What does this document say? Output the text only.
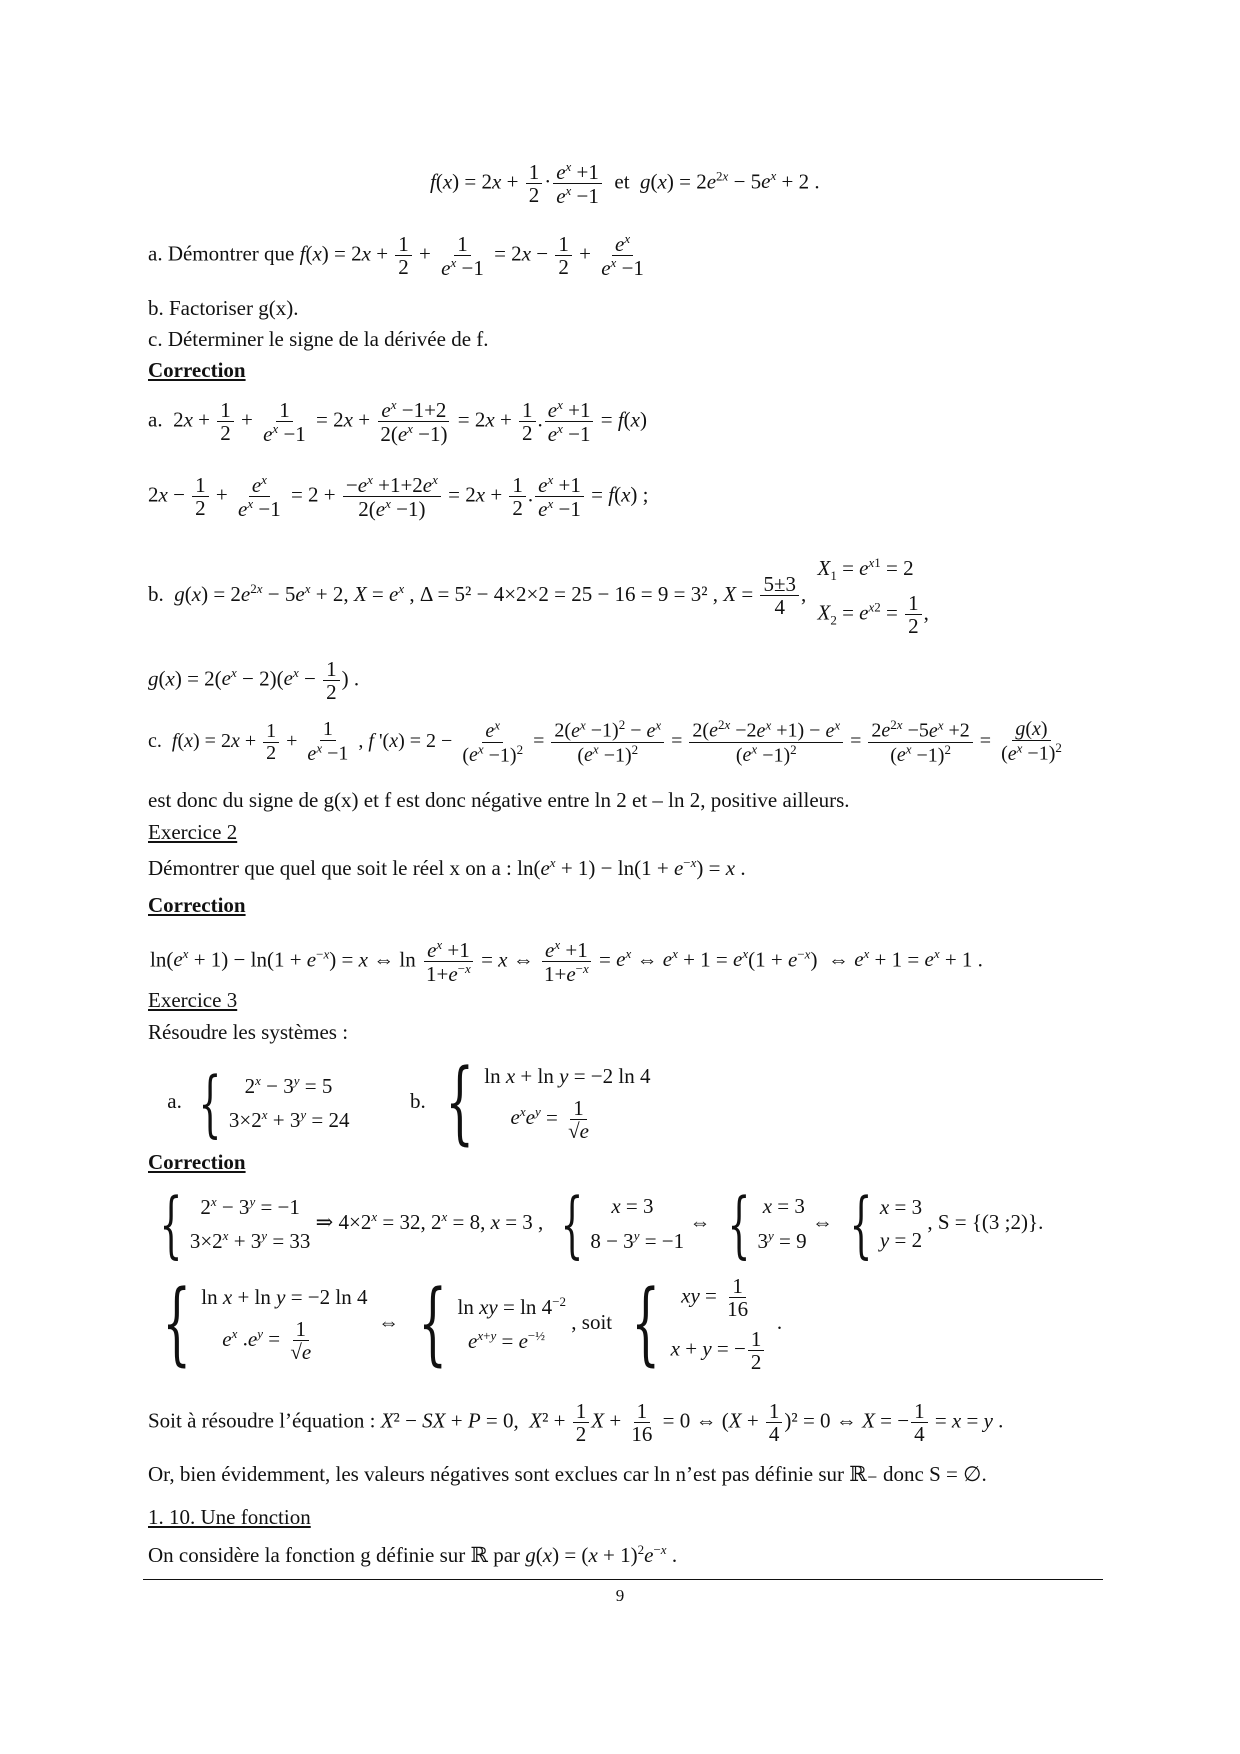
$f(x) = 2x + \frac{1}{2} \cdot \frac{e^x +1}{e^x -1}$ et $g(x) = 2e^{2x} - 5e^x + 2$ .
a. Démontrer que $f(x) = 2x + \frac{1}{2} + \frac{1}{e^x -1} = 2x - \frac{1}{2} + \frac{e^x}{e^x -1}$
b. Factoriser g(x).
c. Déterminer le signe de la dérivée de f.
Correction
a.  $2x + \frac{1}{2} + \frac{1}{e^x -1} = 2x + \frac{e^x -1+2}{2(e^x -1)} = 2x + \frac{1}{2}$ . $\frac{e^x +1}{e^x -1} = f(x)$
$2x - \frac{1}{2} + \frac{e^x}{e^x -1} = 2 + \frac{-e^x +1+2e^x}{2(e^x -1)} = 2x + \frac{1}{2}$ . $\frac{e^x +1}{e^x -1} = f(x)$ ;
b.  $g(x) = 2e^{2x} - 5e^x + 2$, $X = e^x$ , Δ = 5² − 4×2×2 = 25 − 16 = 9 = 3² , $X = \frac{5\pm 3}{4}$ ,
$X_1 = e^{x1} = 2$
$X_2 = e^{x2} = \frac{1}{2}$ ,
$g(x) = 2(e^x - 2)(e^x - \frac{1}{2}$ ) .
c.  $f(x) = 2x + \frac{1}{2} + \frac{1}{e^x -1}$ , f '$(x) = 2 - \frac{e^x}{(e^x -1)^2} = \frac{2(e^x -1)^2 - e^x}{(e^x -1)^2} = \frac{2(e^{2x} -2e^x +1) - e^x}{(e^x -1)^2} = \frac{2e^{2x} -5e^x +2}{(e^x -1)^2} = \frac{g(x)}{(e^x -1)^2}$
est donc du signe de g(x) et f est donc négative entre ln 2 et – ln 2, positive ailleurs.
Exercice 2
Démontrer que quel que soit le réel x on a : $\ln(e^x + 1) - \ln(1 + e^{-x}) = x$ .
Correction
$\ln(e^x + 1) - \ln(1 + e^{-x}) = x$ ⇔ $\ln \frac{e^x +1}{1+e^{-x}} = x$ ⇔ $\frac{e^x +1}{1+e^{-x}} = e^x$ ⇔ $e^x + 1 = e^x(1 + e^{-x})$  ⇔ $e^x + 1 = e^x + 1$ .
Exercice 3
Résoudre les systèmes :
a. { $2^x - 3^y = 5$
$3\times 2^x + 3^y = 24$
b. { ln x + ln y = −2 ln 4
$e^xe^y = \frac{1}{√e}$
Correction
{ $2^x - 3^y = -1$
$3\times 2^x + 3^y = 33$
⇒ $4\times 2^x = 32$, $2^x = 8$, x = 3 , {	x = 3
$8 - 3^y = -1$
⇔ { x = 3
$3^y = 9$
⇔ { x = 3
y = 2
, S = {(3 ;2)}.
{ ln x + ln y = −2 ln 4
$e^x$ $.e^y = \frac{1}{√e}$	⇔ { ln xy = $\ln 4^{-2}$
$e^{x+y} = e^{-\frac{1}{2}}$
, soit { xy = $\frac{1}{16}$
x + y = − $\frac{1}{2}$
.
Soit à résoudre l’équation : X² − SX + P = 0,  $X^2 + \frac{1}{2}$ $X + \frac{1}{16} = 0$ ⇔ $(X + \frac{1}{4} )^2 = 0$ ⇔ X = − $\frac{1}{4} = x = y$ .
Or, bien évidemment, les valeurs négatives sont exclues car ln n’est pas définie sur ℝ₋ donc S = ∅.
1. 10. Une fonction
On considère la fonction g définie sur ℝ par $g(x) = (x + 1)^2e^{-x}$ .
9
